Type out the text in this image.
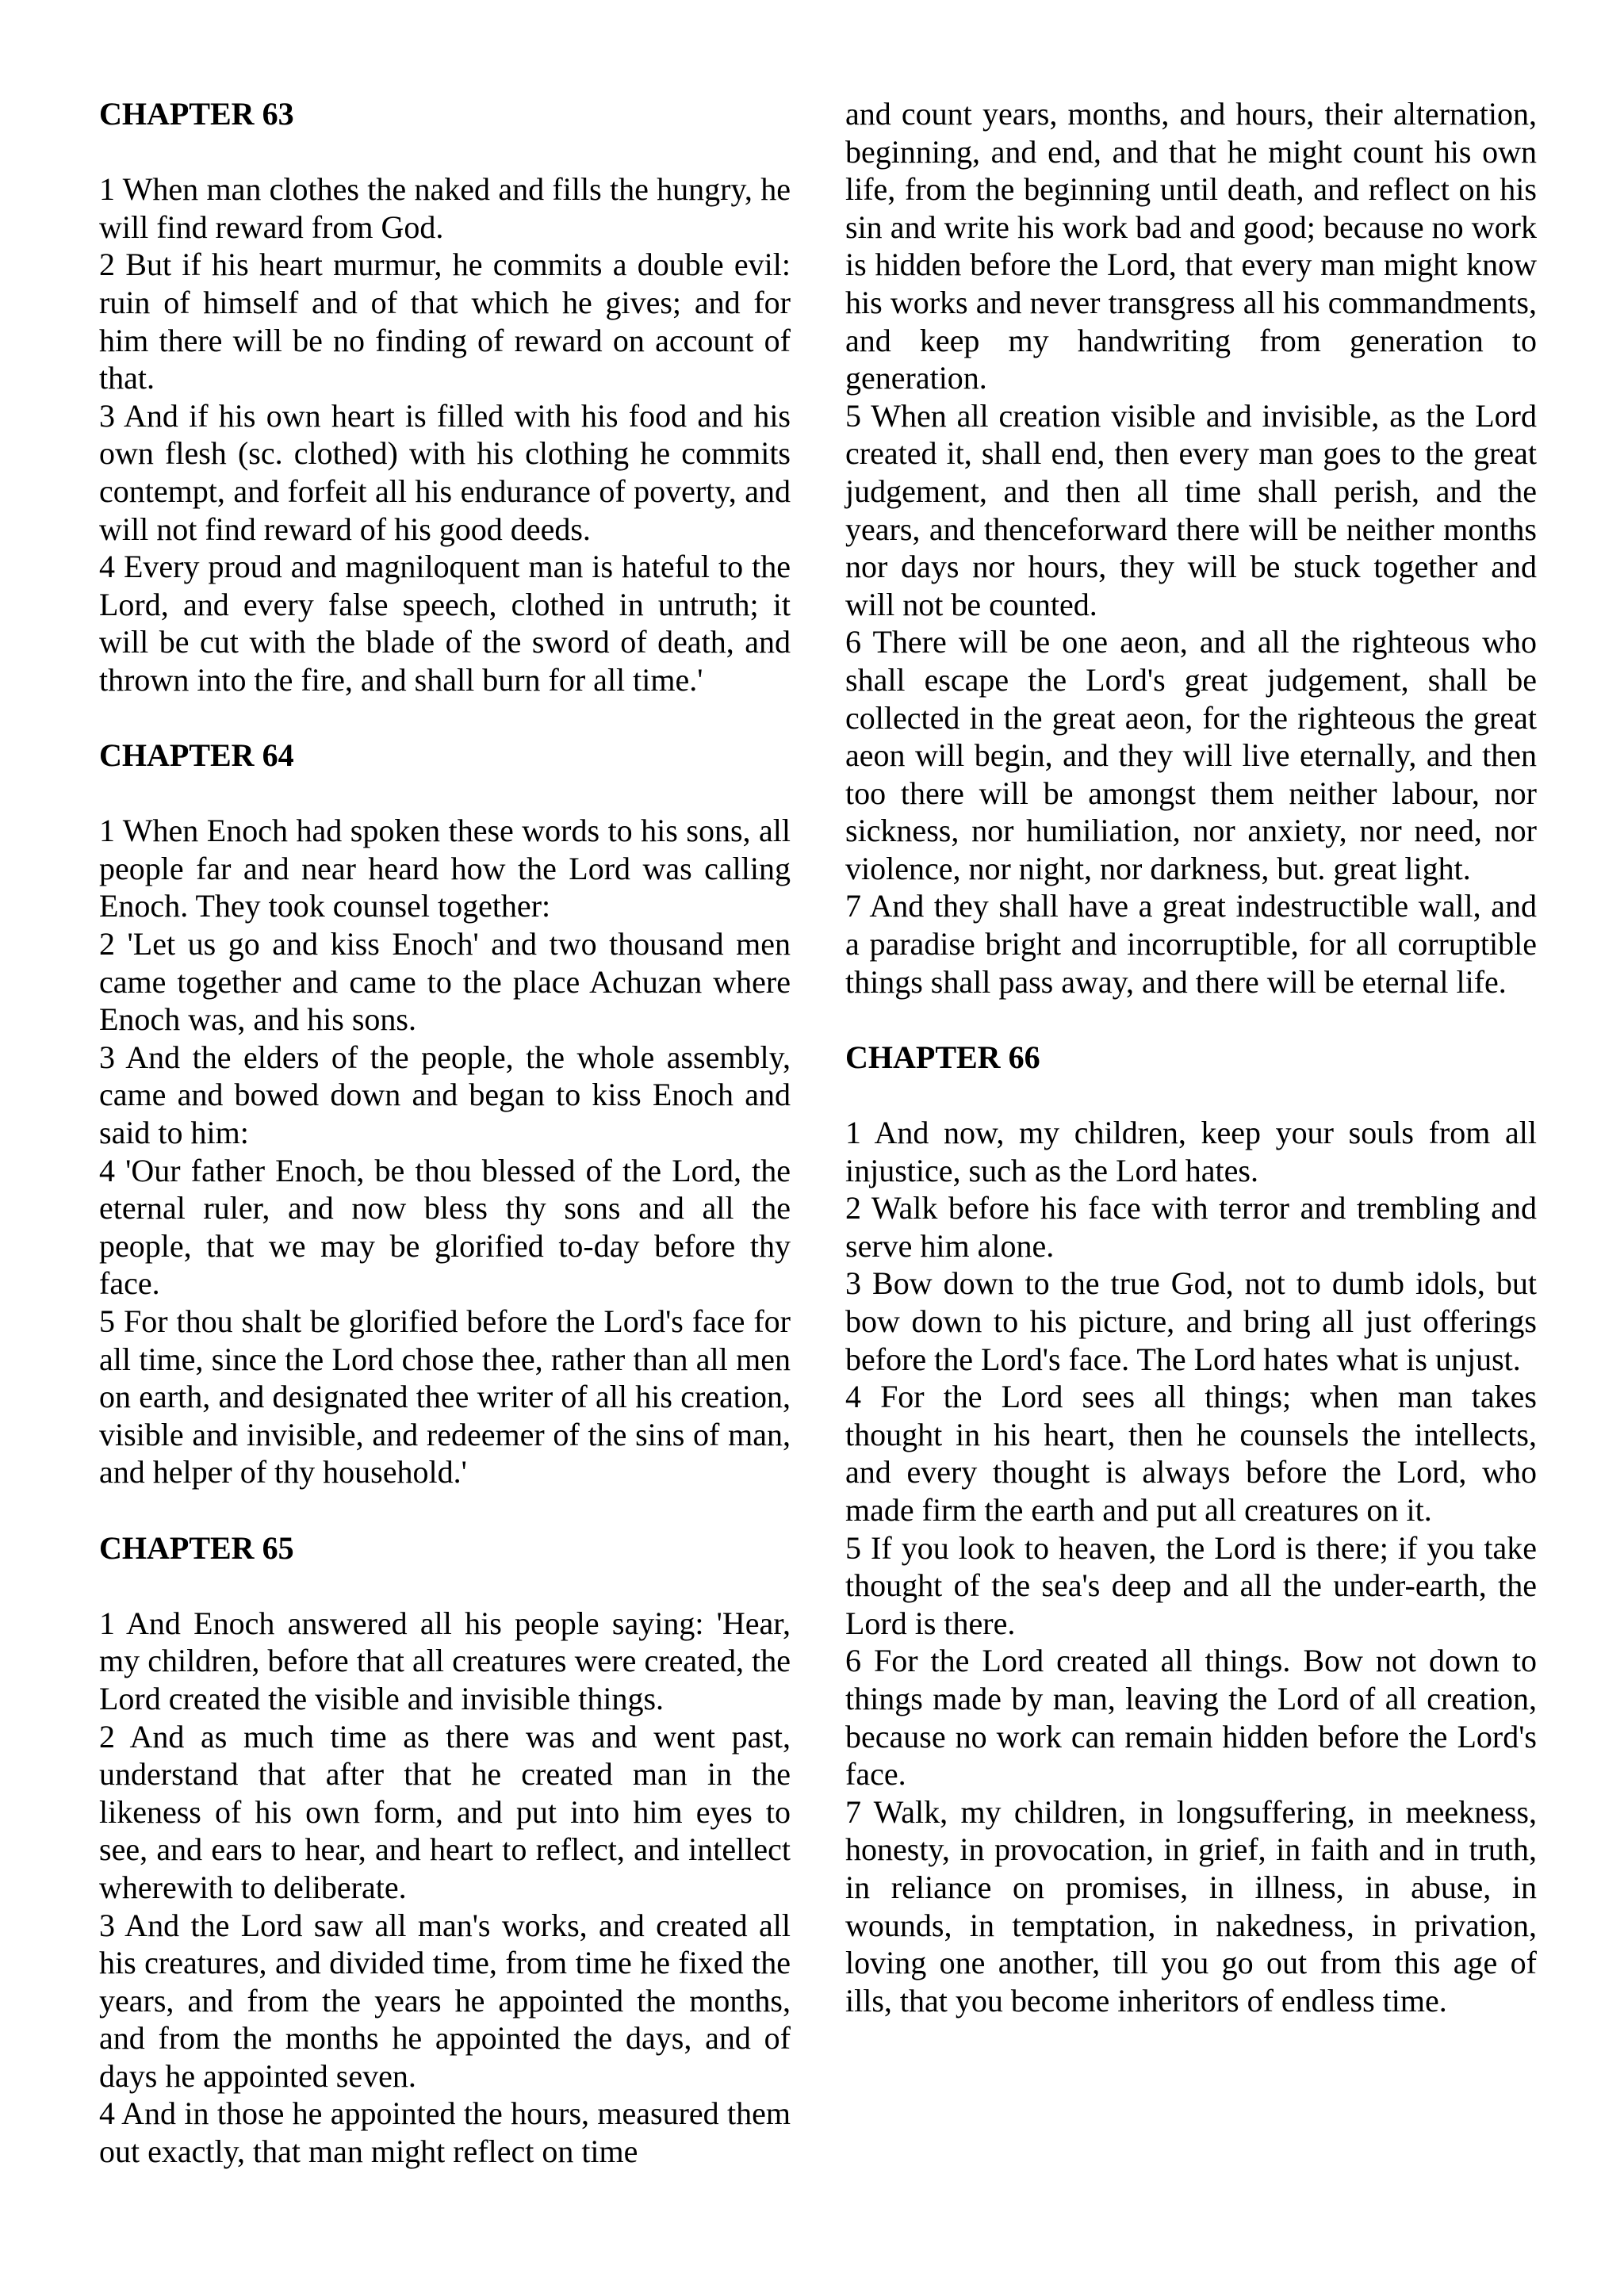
CHAPTER 63

1 When man clothes the naked and fills the hungry, he will find reward from God.

2 But if his heart murmur, he commits a double evil: ruin of himself and of that which he gives; and for him there will be no finding of reward on account of that.

3 And if his own heart is filled with his food and his own flesh (sc. clothed) with his clothing he commits contempt, and forfeit all his endurance of poverty, and will not find reward of his good deeds.

4 Every proud and magniloquent man is hateful to the Lord, and every false speech, clothed in untruth; it will be cut with the blade of the sword of death, and thrown into the fire, and shall burn for all time.'

CHAPTER 64

1 When Enoch had spoken these words to his sons, all people far and near heard how the Lord was calling Enoch. They took counsel together:

2 'Let us go and kiss Enoch' and two thousand men came together and came to the place Achuzan where Enoch was, and his sons.

3 And the elders of the people, the whole assembly, came and bowed down and began to kiss Enoch and said to him:

4 'Our father Enoch, be thou blessed of the Lord, the eternal ruler, and now bless thy sons and all the people, that we may be glorified to-day before thy face.

5 For thou shalt be glorified before the Lord's face for all time, since the Lord chose thee, rather than all men on earth, and designated thee writer of all his creation, visible and invisible, and redeemer of the sins of man, and helper of thy household.'

CHAPTER 65

1 And Enoch answered all his people saying: 'Hear, my children, before that all creatures were created, the Lord created the visible and invisible things.

2 And as much time as there was and went past, understand that after that he created man in the likeness of his own form, and put into him eyes to see, and ears to hear, and heart to reflect, and intellect wherewith to deliberate.

3 And the Lord saw all man's works, and created all his creatures, and divided time, from time he fixed the years, and from the years he appointed the months, and from the months he appointed the days, and of days he appointed seven.

4 And in those he appointed the hours, measured them out exactly, that man might reflect on time

and count years, months, and hours, their alternation, beginning, and end, and that he might count his own life, from the beginning until death, and reflect on his sin and write his work bad and good; because no work is hidden before the Lord, that every man might know his works and never transgress all his commandments, and keep my handwriting from generation to generation.

5 When all creation visible and invisible, as the Lord created it, shall end, then every man goes to the great judgement, and then all time shall perish, and the years, and thenceforward there will be neither months nor days nor hours, they will be stuck together and will not be counted.

6 There will be one aeon, and all the righteous who shall escape the Lord's great judgement, shall be collected in the great aeon, for the righteous the great aeon will begin, and they will live eternally, and then too there will be amongst them neither labour, nor sickness, nor humiliation, nor anxiety, nor need, nor violence, nor night, nor darkness, but. great light.

7 And they shall have a great indestructible wall, and a paradise bright and incorruptible, for all corruptible things shall pass away, and there will be eternal life.

CHAPTER 66

1 And now, my children, keep your souls from all injustice, such as the Lord hates.

2 Walk before his face with terror and trembling and serve him alone.

3 Bow down to the true God, not to dumb idols, but bow down to his picture, and bring all just offerings before the Lord's face. The Lord hates what is unjust.

4 For the Lord sees all things; when man takes thought in his heart, then he counsels the intellects, and every thought is always before the Lord, who made firm the earth and put all creatures on it.

5 If you look to heaven, the Lord is there; if you take thought of the sea's deep and all the under-earth, the Lord is there.

6 For the Lord created all things. Bow not down to things made by man, leaving the Lord of all creation, because no work can remain hidden before the Lord's face.

7 Walk, my children, in longsuffering, in meekness, honesty, in provocation, in grief, in faith and in truth, in reliance on promises, in illness, in abuse, in wounds, in temptation, in nakedness, in privation, loving one another, till you go out from this age of ills, that you become inheritors of endless time.
